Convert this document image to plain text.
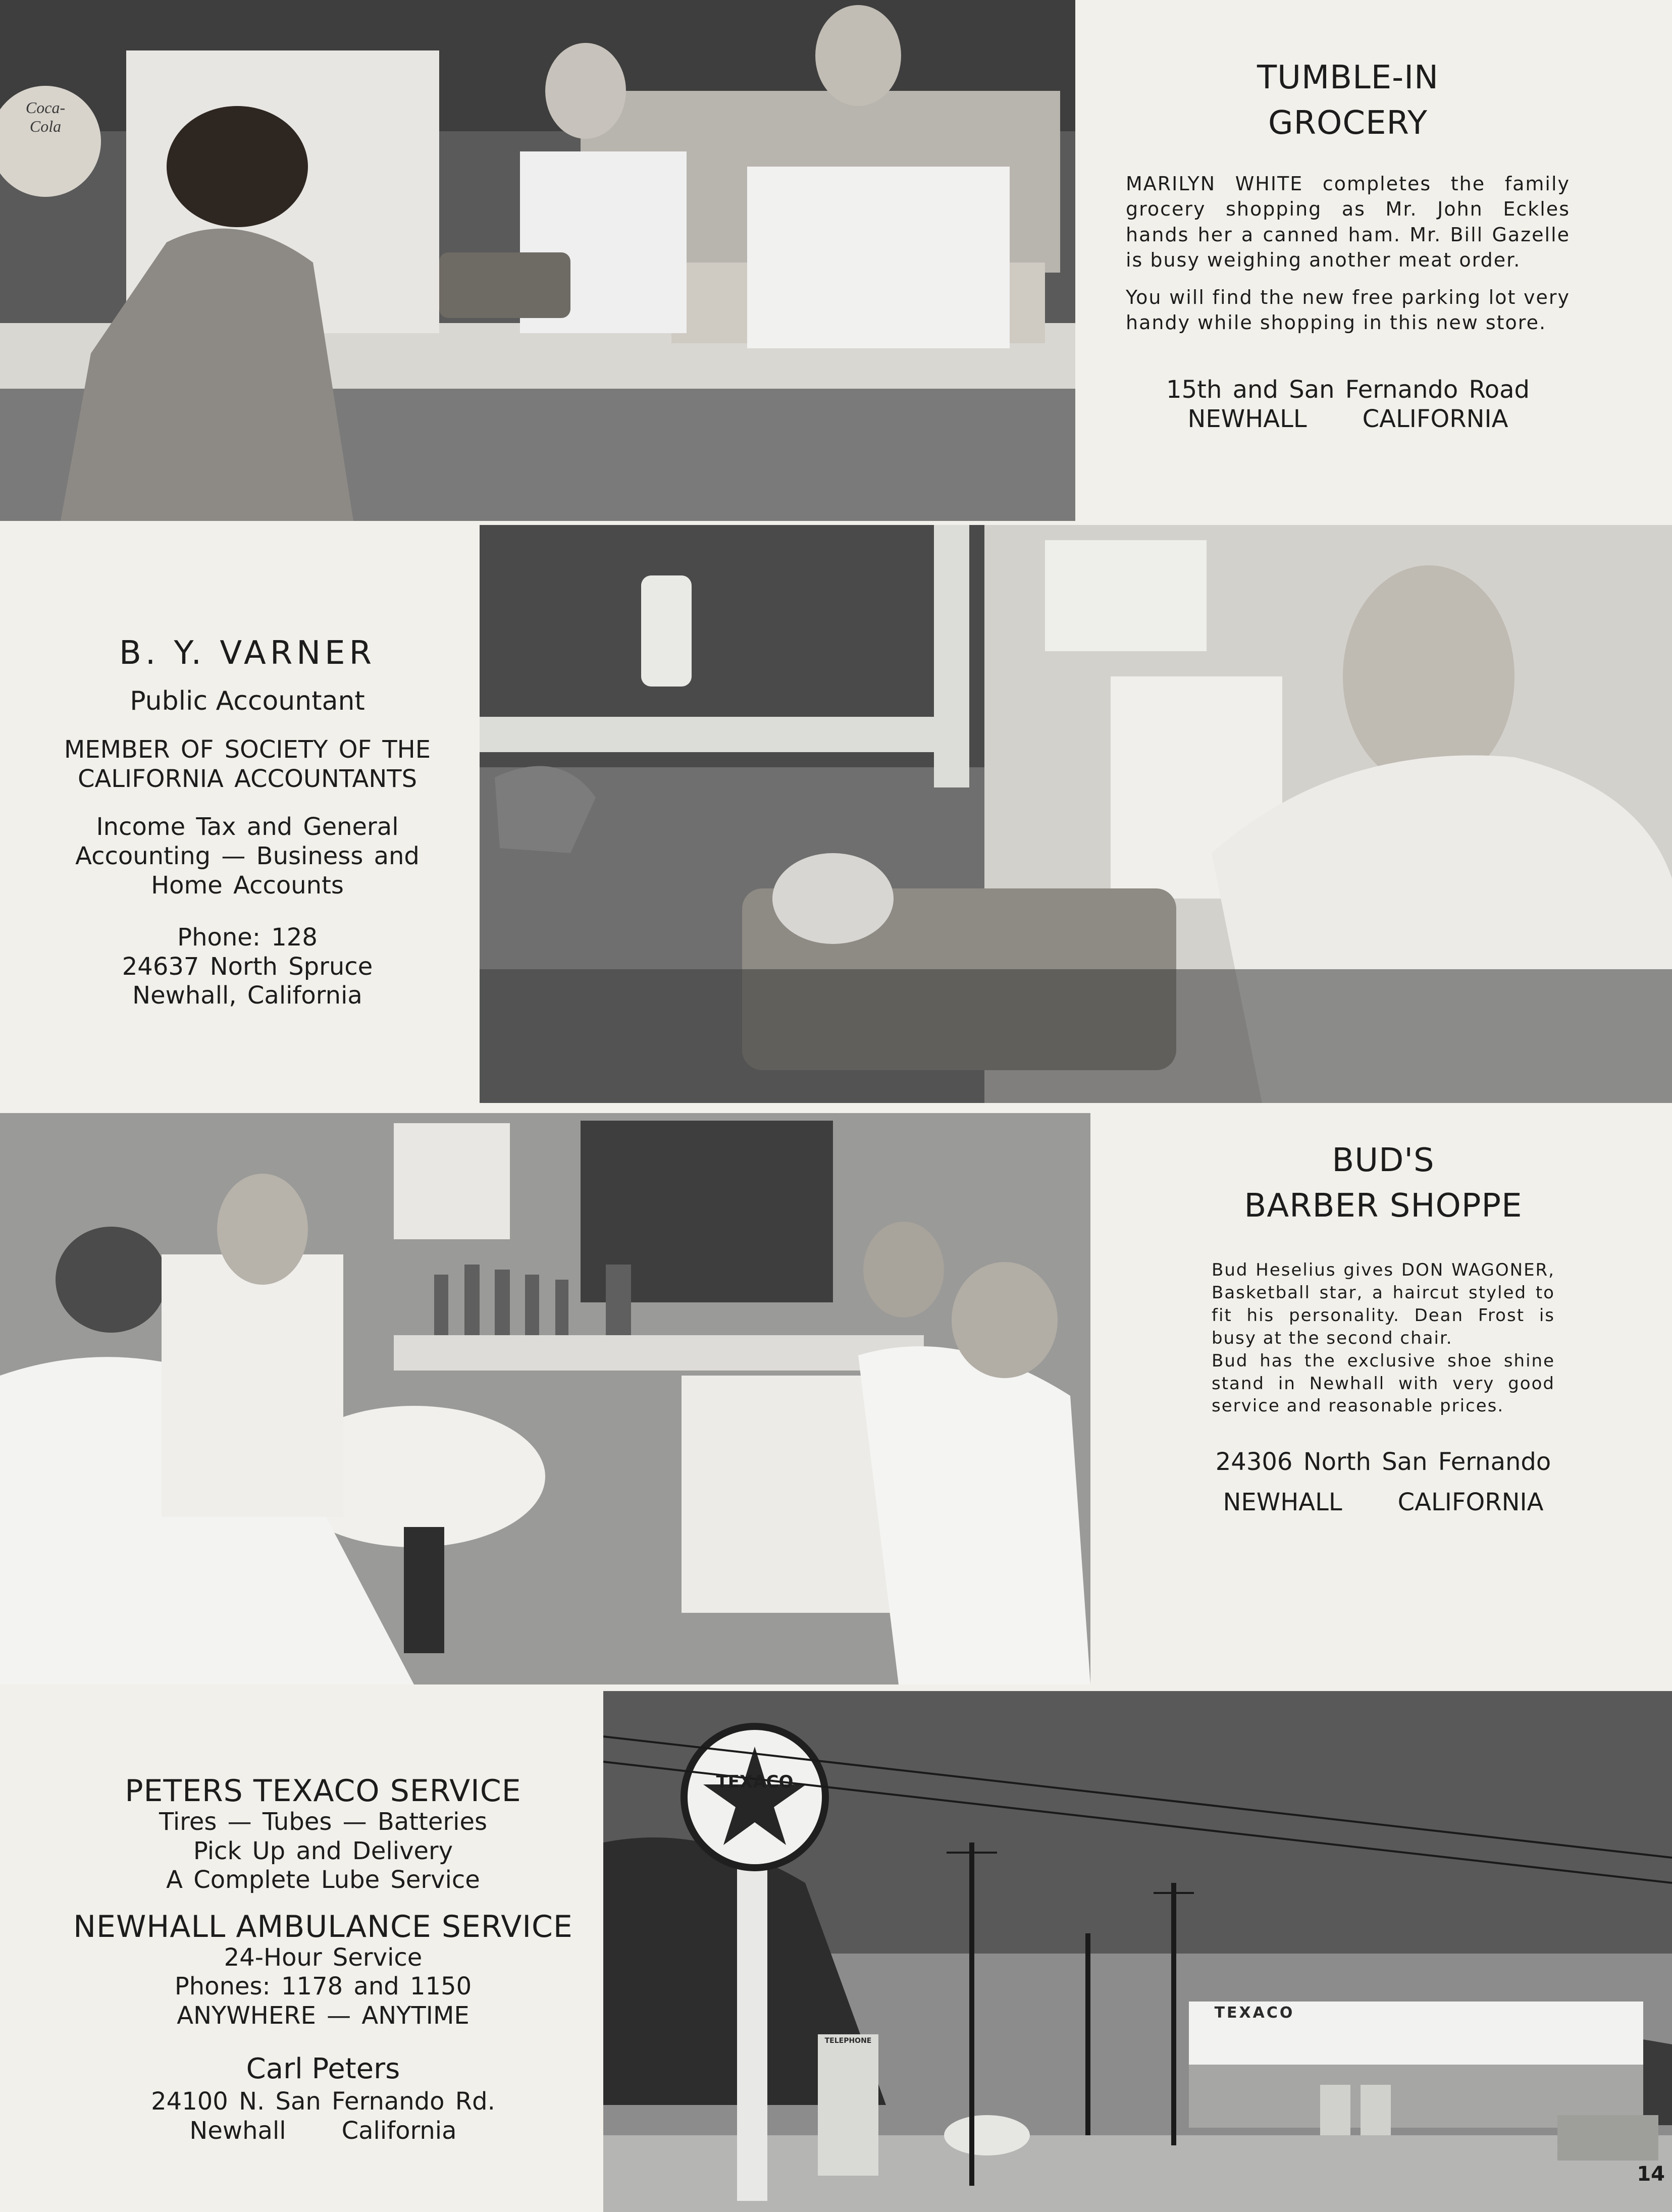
Coca-Cola
TUMBLE-IN
GROCERY

MARILYN WHITE completes the family grocery shopping as Mr. John Eckles hands her a canned ham. Mr. Bill Gazelle is busy weighing another meat order.

You will find the new free parking lot very handy while shopping in this new store.

15th and San Fernando Road
NEWHALL CALIFORNIA
B. Y. VARNER
Public Accountant
MEMBER OF SOCIETY OF THE
CALIFORNIA ACCOUNTANTS
Income Tax and General
Accounting — Business and
Home Accounts
Phone: 128
24637 North Spruce
Newhall, California
BUD'S
BARBER SHOPPE

Bud Heselius gives DON WAGONER, Basketball star, a haircut styled to fit his personality. Dean Frost is busy at the second chair.

Bud has the exclusive shoe shine stand in Newhall with very good service and reasonable prices.

24306 North San Fernando
NEWHALL CALIFORNIA
PETERS TEXACO SERVICE
Tires — Tubes — Batteries
Pick Up and Delivery
A Complete Lube Service
NEWHALL AMBULANCE SERVICE
24-Hour Service
Phones: 1178 and 1150
ANYWHERE — ANYTIME
Carl Peters
24100 N. San Fernando Rd.
Newhall California
TEXACO
TEXACO
TELEPHONE
14
